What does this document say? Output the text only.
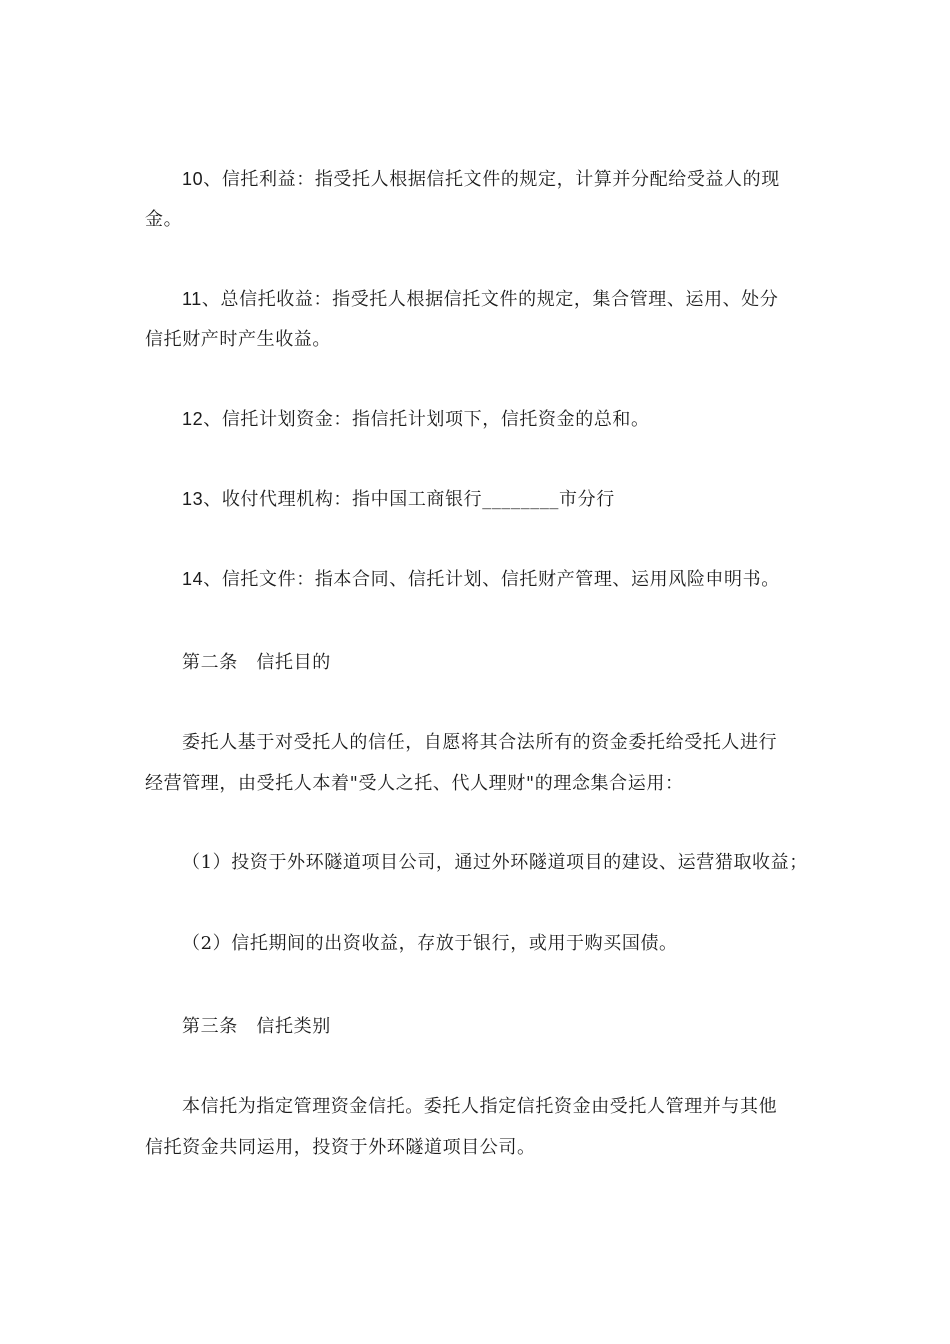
10、信托利益：指受托人根据信托文件的规定，计算并分配给受益人的现
金。
11、总信托收益：指受托人根据信托文件的规定，集合管理、运用、处分
信托财产时产生收益。
12、信托计划资金：指信托计划项下，信托资金的总和。
13、收付代理机构：指中国工商银行________市分行
14、信托文件：指本合同、信托计划、信托财产管理、运用风险申明书。
第二条　信托目的
委托人基于对受托人的信任，自愿将其合法所有的资金委托给受托人进行
经营管理，由受托人本着"受人之托、代人理财"的理念集合运用：
（1）投资于外环隧道项目公司，通过外环隧道项目的建设、运营猎取收益；
（2）信托期间的出资收益，存放于银行，或用于购买国债。
第三条　信托类别
本信托为指定管理资金信托。委托人指定信托资金由受托人管理并与其他
信托资金共同运用，投资于外环隧道项目公司。
